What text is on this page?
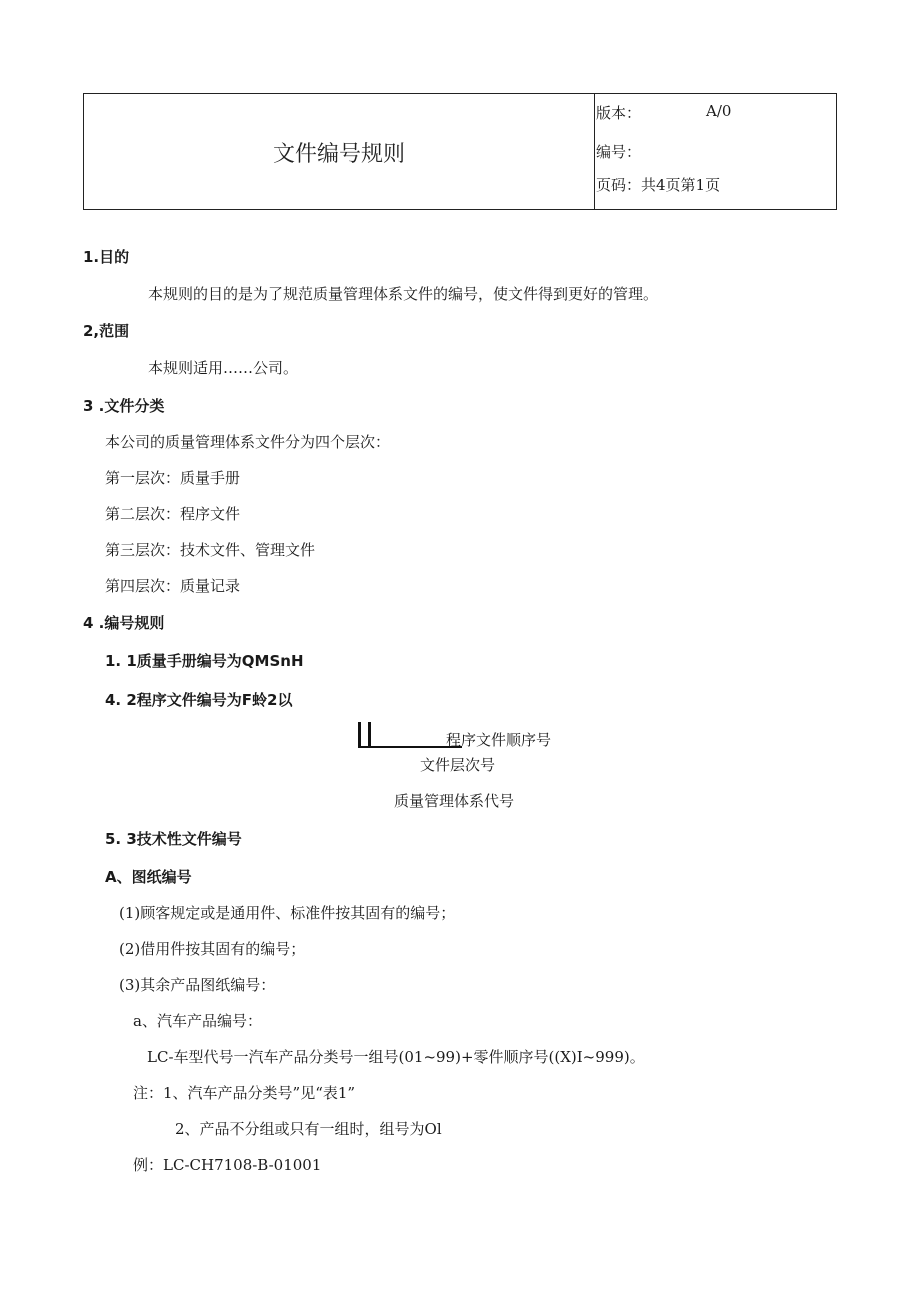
文件编号规则
版本：	A/0
编号：
页码：共4页第1页
1.目的
本规则的目的是为了规范质量管理体系文件的编号，使文件得到更好的管理。
2,范围
本规则适用……公司。
3 .文件分类
本公司的质量管理体系文件分为四个层次：
第一层次：质量手册
第二层次：程序文件
第三层次：技术文件、管理文件
第四层次：质量记录
4 .编号规则
1. 1质量手册编号为QMSnH
4. 2程序文件编号为F蛉2以
程序文件顺序号
文件层次号
质量管理体系代号
5. 3技术性文件编号
A、图纸编号
(1)顾客规定或是通用件、标准件按其固有的编号；
(2)借用件按其固有的编号；
(3)其余产品图纸编号：
a、汽车产品编号：
LC-车型代号一汽车产品分类号一组号(01~99)+零件顺序号((X)I~999)。
注：1、汽车产品分类号”见“表1”
2、产品不分组或只有一组时，组号为Ol
例：LC-CH7108-B-01001
